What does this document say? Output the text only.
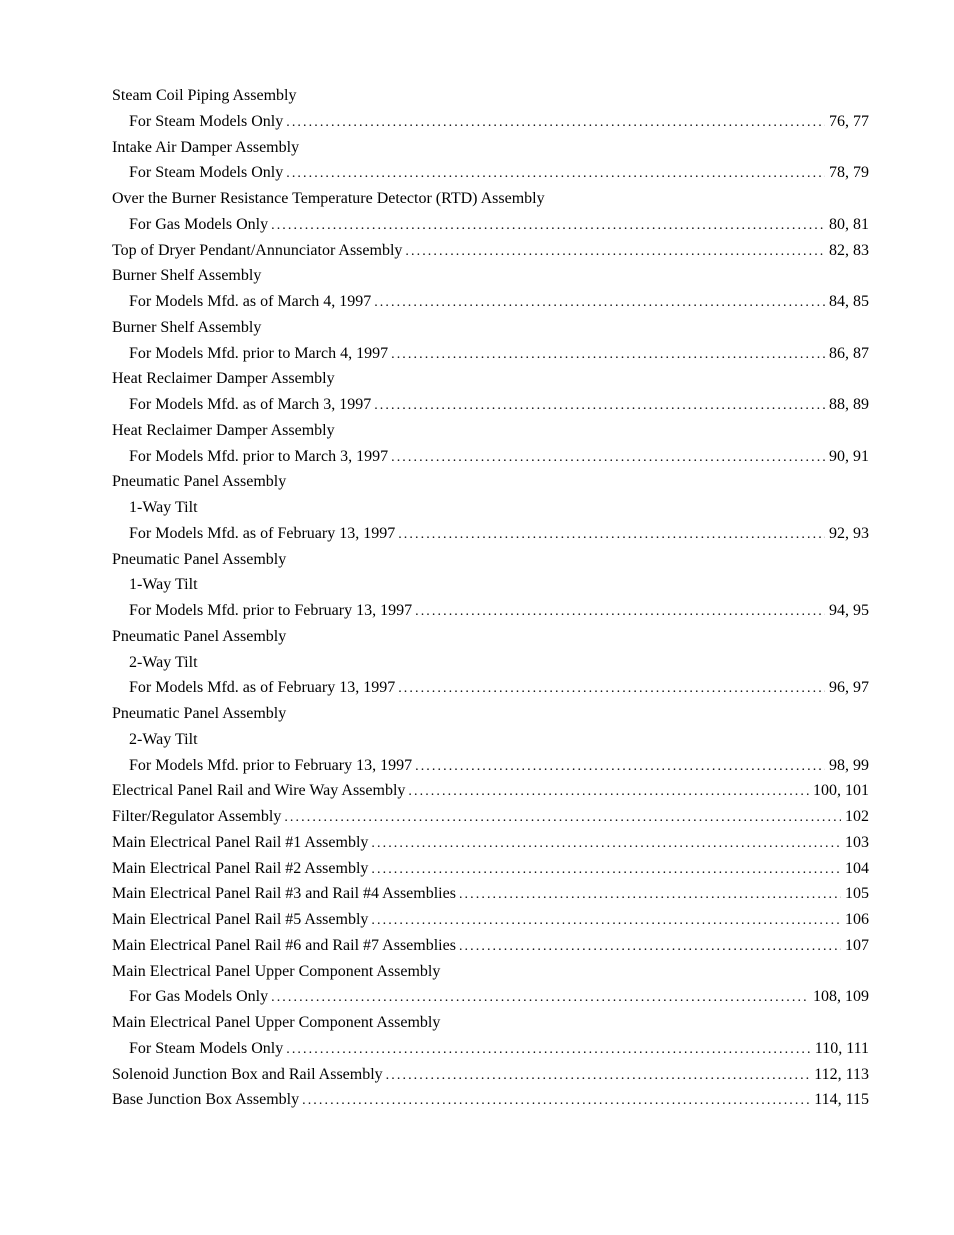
Steam Coil Piping Assembly
For Steam Models Only . . .	76, 77
Intake Air Damper Assembly
For Steam Models Only . . .	78, 79
Over the Burner Resistance Temperature Detector (RTD) Assembly
For Gas Models Only . . .	80, 81
Top of Dryer Pendant/Annunciator Assembly . . .	82, 83
Burner Shelf Assembly
For Models Mfd. as of March 4, 1997 . . .	84, 85
Burner Shelf Assembly
For Models Mfd. prior to March 4, 1997 . . .	86, 87
Heat Reclaimer Damper Assembly
For Models Mfd. as of March 3, 1997 . . .	88, 89
Heat Reclaimer Damper Assembly
For Models Mfd. prior to March 3, 1997 . . .	90, 91
Pneumatic Panel Assembly
1-Way Tilt
For Models Mfd. as of February 13, 1997 . . .	92, 93
Pneumatic Panel Assembly
1-Way Tilt
For Models Mfd. prior to February 13, 1997 . . .	94, 95
Pneumatic Panel Assembly
2-Way Tilt
For Models Mfd. as of February 13, 1997 . . .	96, 97
Pneumatic Panel Assembly
2-Way Tilt
For Models Mfd. prior to February 13, 1997 . . .	98, 99
Electrical Panel Rail and Wire Way Assembly . . .	100, 101
Filter/Regulator Assembly . . .	102
Main Electrical Panel Rail #1 Assembly . . .	103
Main Electrical Panel Rail #2 Assembly . . .	104
Main Electrical Panel Rail #3 and Rail #4 Assemblies . . .	105
Main Electrical Panel Rail #5 Assembly . . .	106
Main Electrical Panel Rail #6 and Rail #7 Assemblies . . .	107
Main Electrical Panel Upper Component Assembly
For Gas Models Only . . .	108, 109
Main Electrical Panel Upper Component Assembly
For Steam Models Only . . .	110, 111
Solenoid Junction Box and Rail Assembly . . .	112, 113
Base Junction Box Assembly . . .	114, 115
